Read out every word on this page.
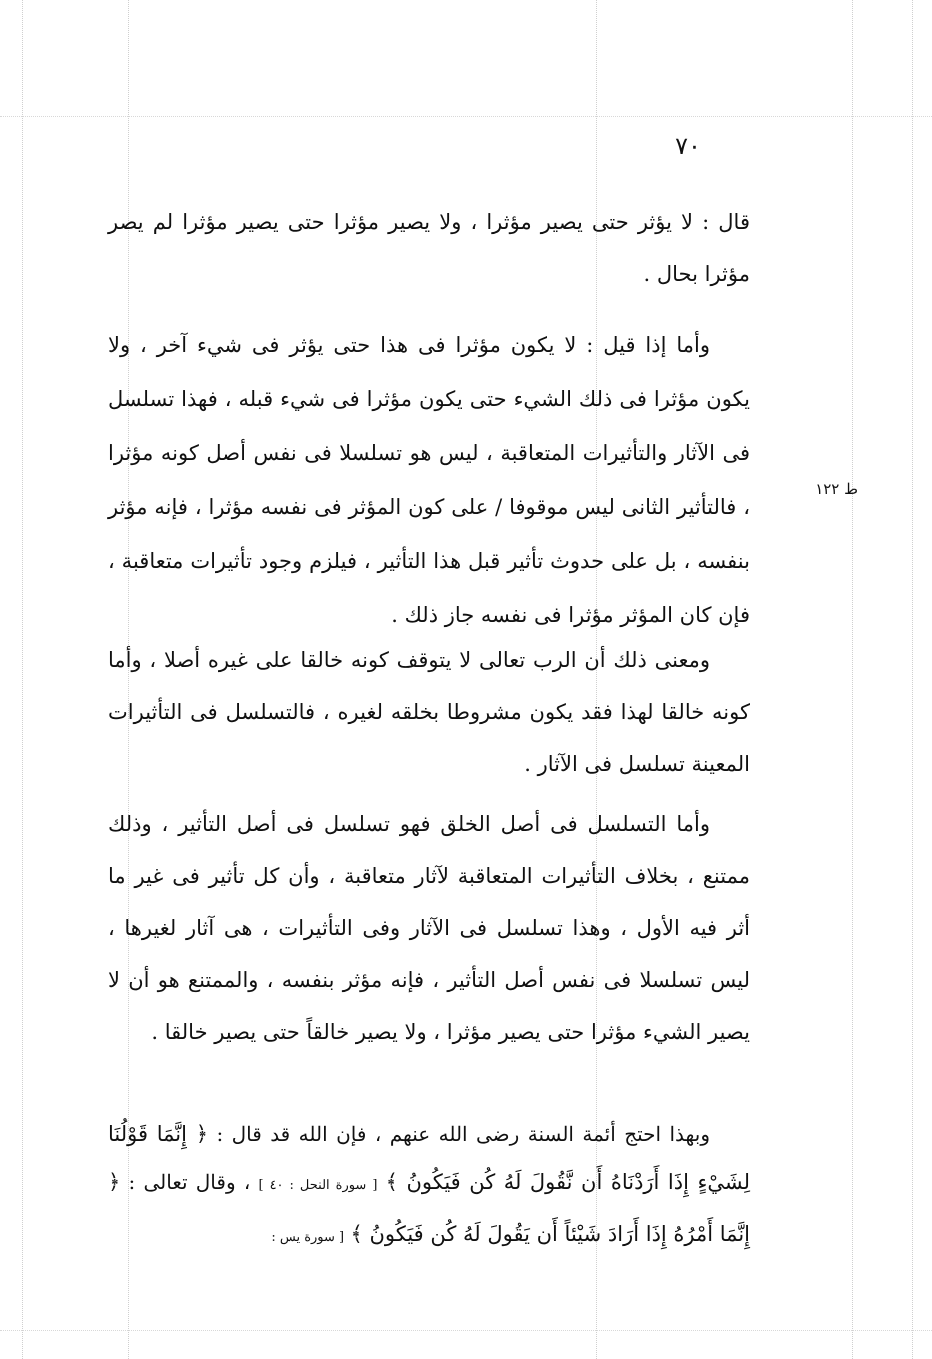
٧٠
ط ١٢٢

قال : لا يؤثر حتى يصير مؤثرا ، ولا يصير مؤثرا حتى يصير مؤثرا لم يصر مؤثرا بحال .

وأما إذا قيل : لا يكون مؤثرا فى هذا حتى يؤثر فى شيء آخر ، ولا يكون مؤثرا فى ذلك الشيء حتى يكون مؤثرا فى شيء قبله ، فهذا تسلسل فى الآثار والتأثيرات المتعاقبة ، ليس هو تسلسلا فى نفس أصل كونه مؤثرا ، فالتأثير الثانى ليس موقوفا / على كون المؤثر فى نفسه مؤثرا ، فإنه مؤثر بنفسه ، بل على حدوث تأثير قبل هذا التأثير ، فيلزم وجود تأثيرات متعاقبة ، فإن كان المؤثر مؤثرا فى نفسه جاز ذلك .

ومعنى ذلك أن الرب تعالى لا يتوقف كونه خالقا على غيره أصلا ، وأما كونه خالقا لهذا فقد يكون مشروطا بخلقه لغيره ، فالتسلسل فى التأثيرات المعينة تسلسل فى الآثار .

وأما التسلسل فى أصل الخلق فهو تسلسل فى أصل التأثير ، وذلك ممتنع ، بخلاف التأثيرات المتعاقبة لآثار متعاقبة ، وأن كل تأثير فى غير ما أثر فيه الأول ، وهذا تسلسل فى الآثار وفى التأثيرات ، هى آثار لغيرها ، ليس تسلسلا فى نفس أصل التأثير ، فإنه مؤثر بنفسه ، والممتنع هو أن لا يصير الشيء مؤثرا حتى يصير مؤثرا ، ولا يصير خالقاً حتى يصير خالقا .

وبهذا احتج أئمة السنة رضى الله عنهم ، فإن الله قد قال : ﴿ إِنَّمَا قَوْلُنَا لِشَيْءٍ إِذَا أَرَدْنَاهُ أَن نَّقُولَ لَهُ كُن فَيَكُونُ ﴾ [ سورة النحل : ٤٠ ] ، وقال تعالى : ﴿ إِنَّمَا أَمْرُهُ إِذَا أَرَادَ شَيْئاً أَن يَقُولَ لَهُ كُن فَيَكُونُ ﴾ [ سورة يس :
